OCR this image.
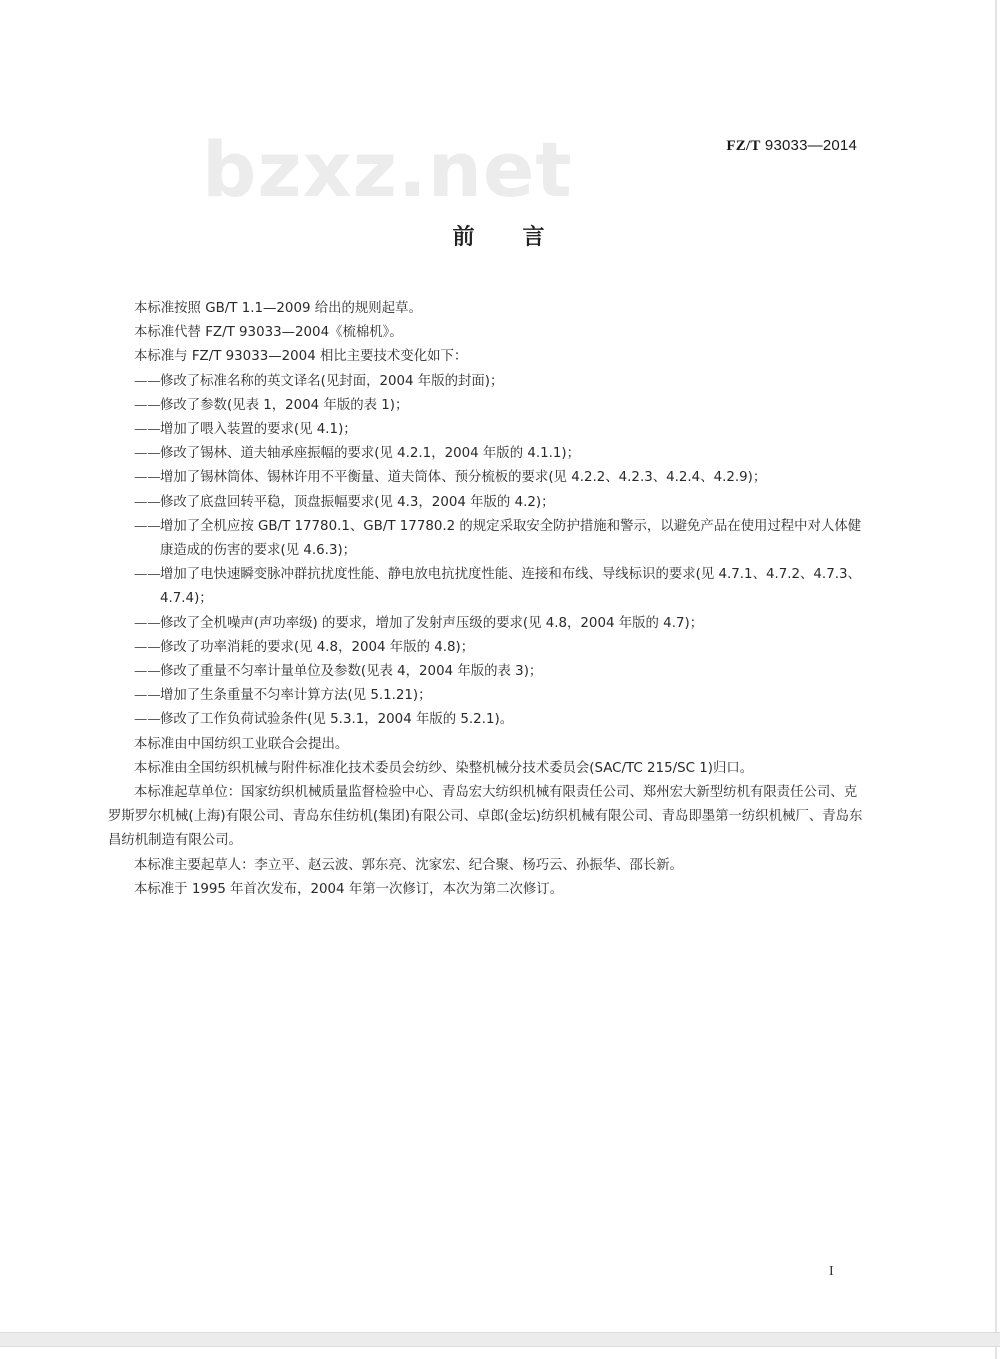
bzxz.net	FZ/T 93033—2014
前言

本标准按照 GB/T 1.1—2009 给出的规则起草。

本标准代替 FZ/T 93033—2004《梳棉机》。

本标准与 FZ/T 93033—2004 相比主要技术变化如下：

——修改了标准名称的英文译名(见封面，2004 年版的封面)；

——修改了参数(见表 1，2004 年版的表 1)；

——增加了喂入装置的要求(见 4.1)；

——修改了锡林、道夫轴承座振幅的要求(见 4.2.1，2004 年版的 4.1.1)；

——增加了锡林筒体、锡林许用不平衡量、道夫筒体、预分梳板的要求(见 4.2.2、4.2.3、4.2.4、4.2.9)；

——修改了底盘回转平稳，顶盘振幅要求(见 4.3，2004 年版的 4.2)；

——增加了全机应按 GB/T 17780.1、GB/T 17780.2 的规定采取安全防护措施和警示，以避免产品在使用过程中对人体健康造成的伤害的要求(见 4.6.3)；

——增加了电快速瞬变脉冲群抗扰度性能、静电放电抗扰度性能、连接和布线、导线标识的要求(见 4.7.1、4.7.2、4.7.3、4.7.4)；

——修改了全机噪声(声功率级) 的要求，增加了发射声压级的要求(见 4.8，2004 年版的 4.7)；

——修改了功率消耗的要求(见 4.8，2004 年版的 4.8)；

——修改了重量不匀率计量单位及参数(见表 4，2004 年版的表 3)；

——增加了生条重量不匀率计算方法(见 5.1.21)；

——修改了工作负荷试验条件(见 5.3.1，2004 年版的 5.2.1)。

本标准由中国纺织工业联合会提出。

本标准由全国纺织机械与附件标准化技术委员会纺纱、染整机械分技术委员会(SAC/TC 215/SC 1)归口。

本标准起草单位：国家纺织机械质量监督检验中心、青岛宏大纺织机械有限责任公司、郑州宏大新型纺机有限责任公司、克罗斯罗尔机械(上海)有限公司、青岛东佳纺机(集团)有限公司、卓郎(金坛)纺织机械有限公司、青岛即墨第一纺织机械厂、青岛东昌纺机制造有限公司。

本标准主要起草人：李立平、赵云波、郭东亮、沈家宏、纪合聚、杨巧云、孙振华、邵长新。

本标准于 1995 年首次发布，2004 年第一次修订，本次为第二次修订。

I
